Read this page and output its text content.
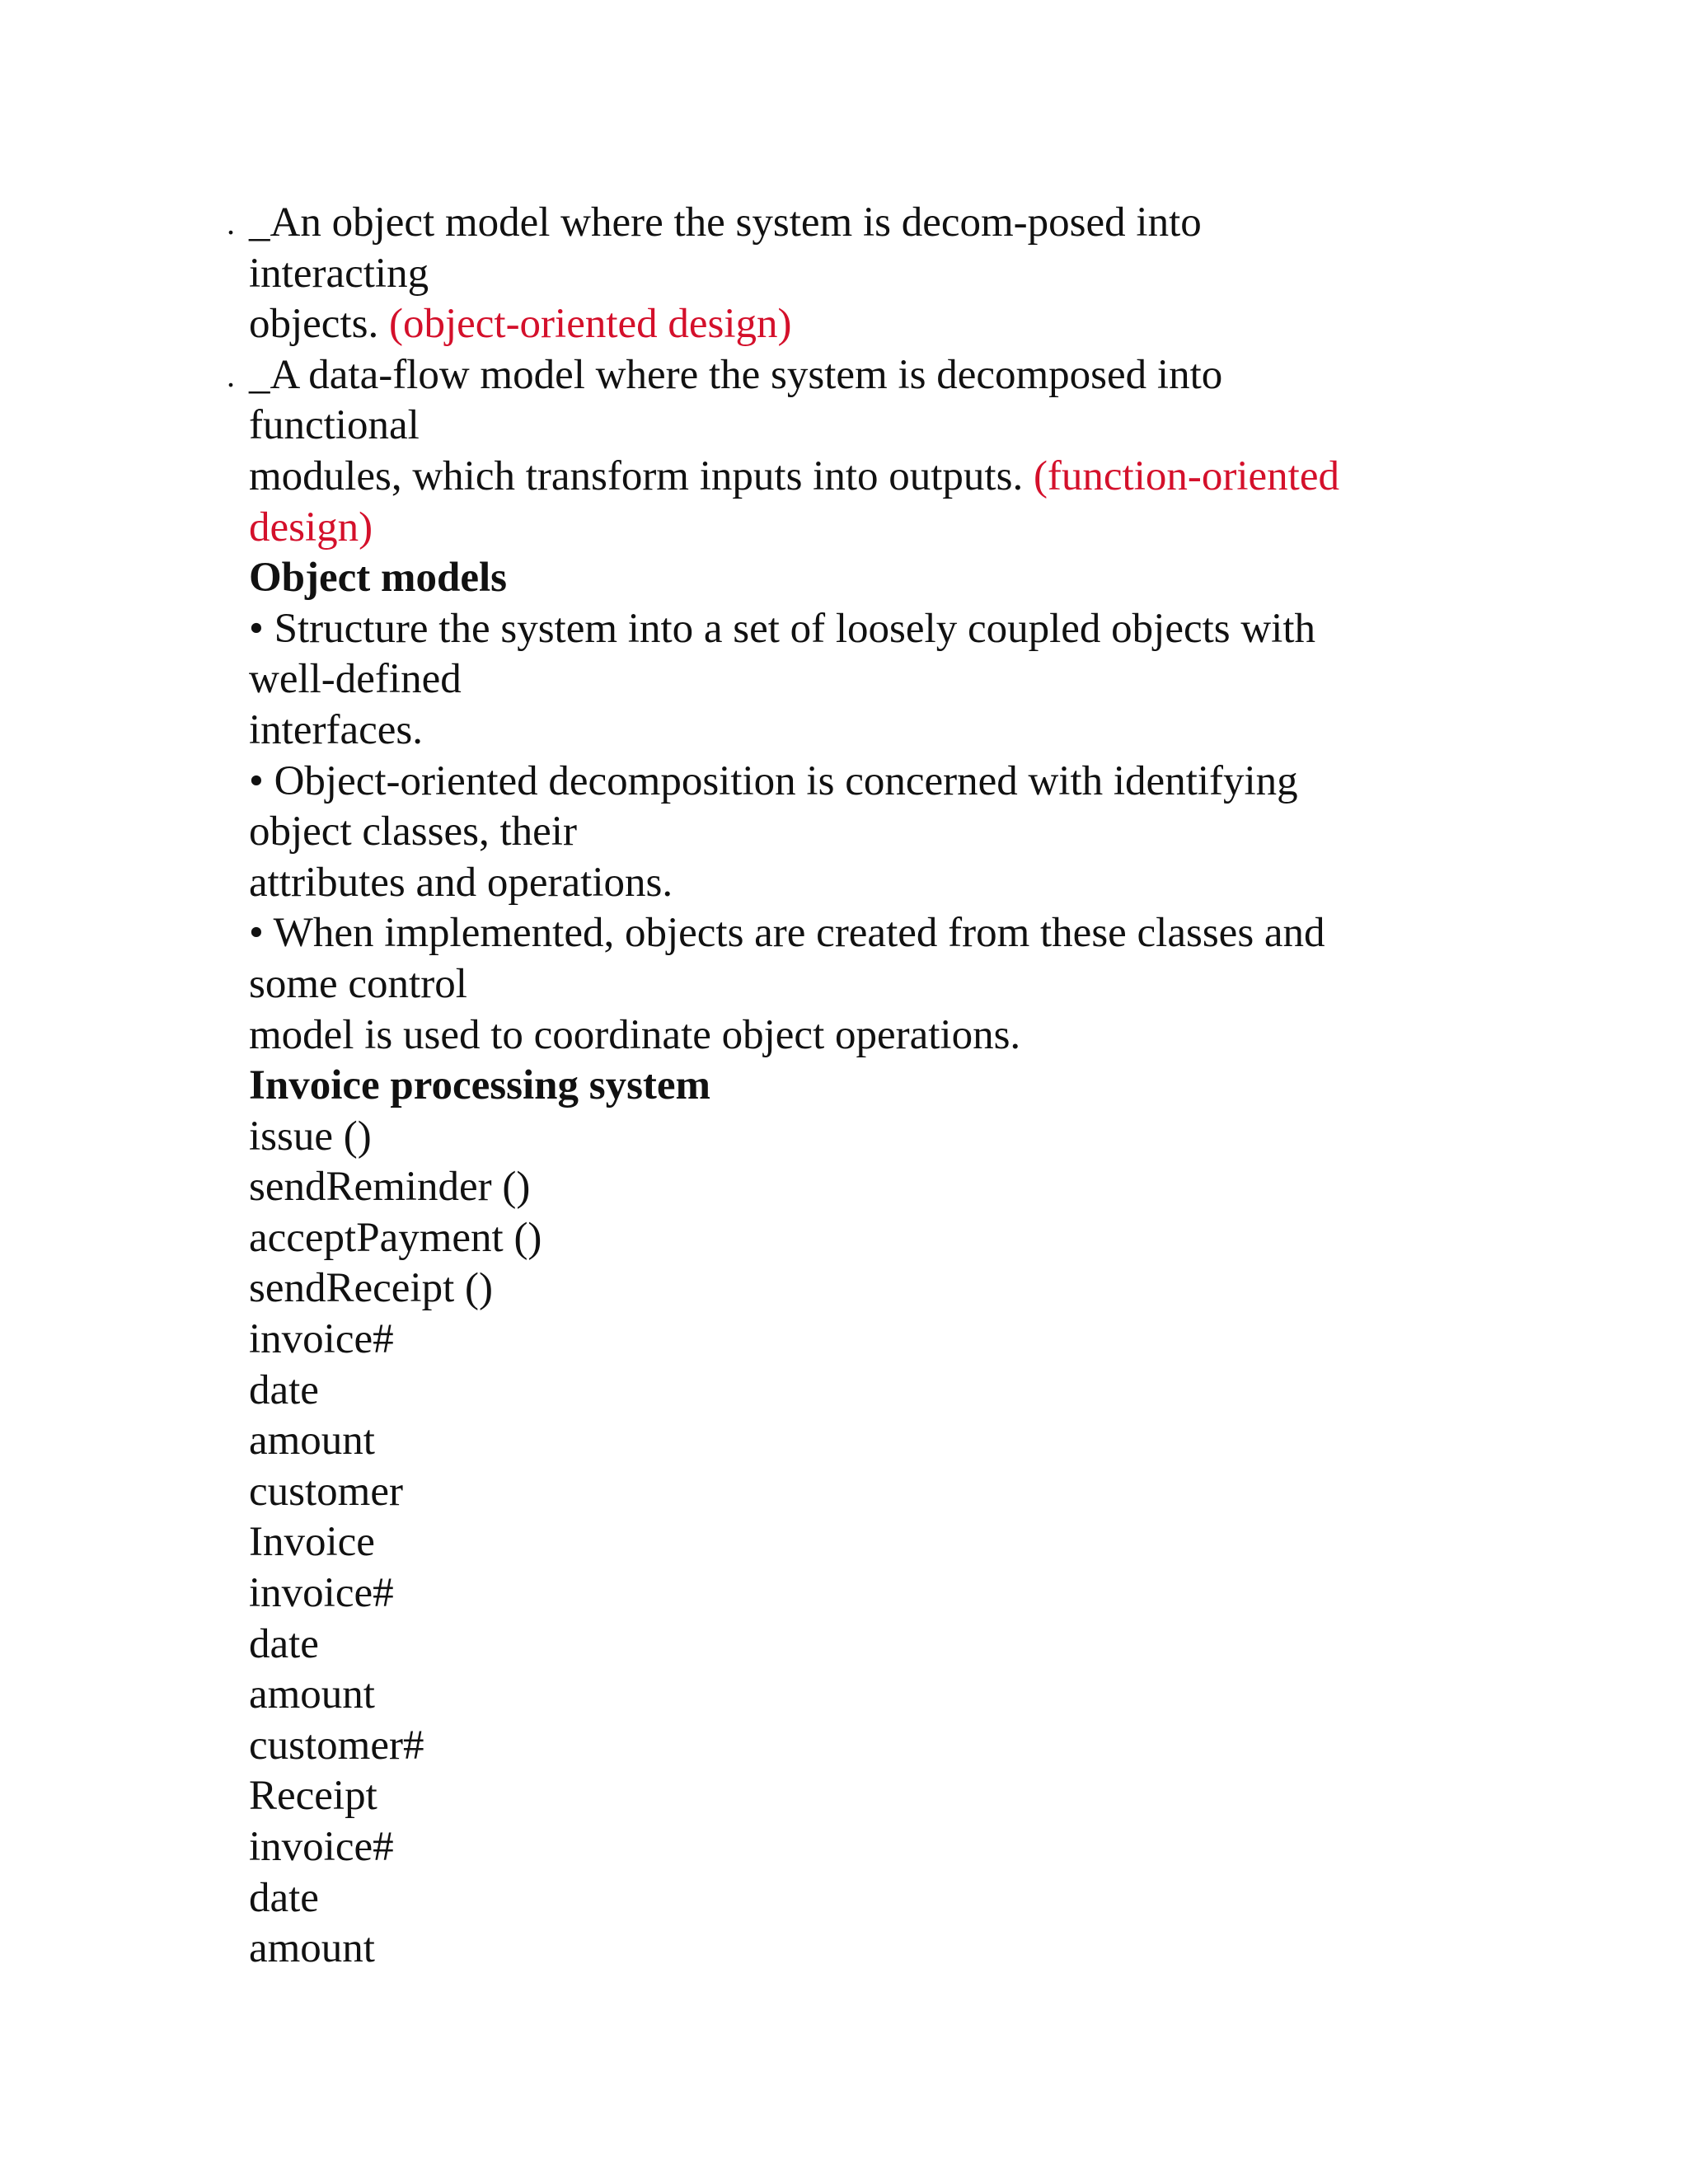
. _An object model where the system is decom-posed into
interacting
objects. (object-oriented design)
. _A data-flow model where the system is decomposed into
functional
modules, which transform inputs into outputs. (function-oriented
design)
Object models
• Structure the system into a set of loosely coupled objects with
well-defined
interfaces.
• Object-oriented decomposition is concerned with identifying
object classes, their
attributes and operations.
• When implemented, objects are created from these classes and
some control
model is used to coordinate object operations.
Invoice processing system
issue ()
sendReminder ()
acceptPayment ()
sendReceipt ()
invoice#
date
amount
customer
Invoice
invoice#
date
amount
customer#
Receipt
invoice#
date
amount
